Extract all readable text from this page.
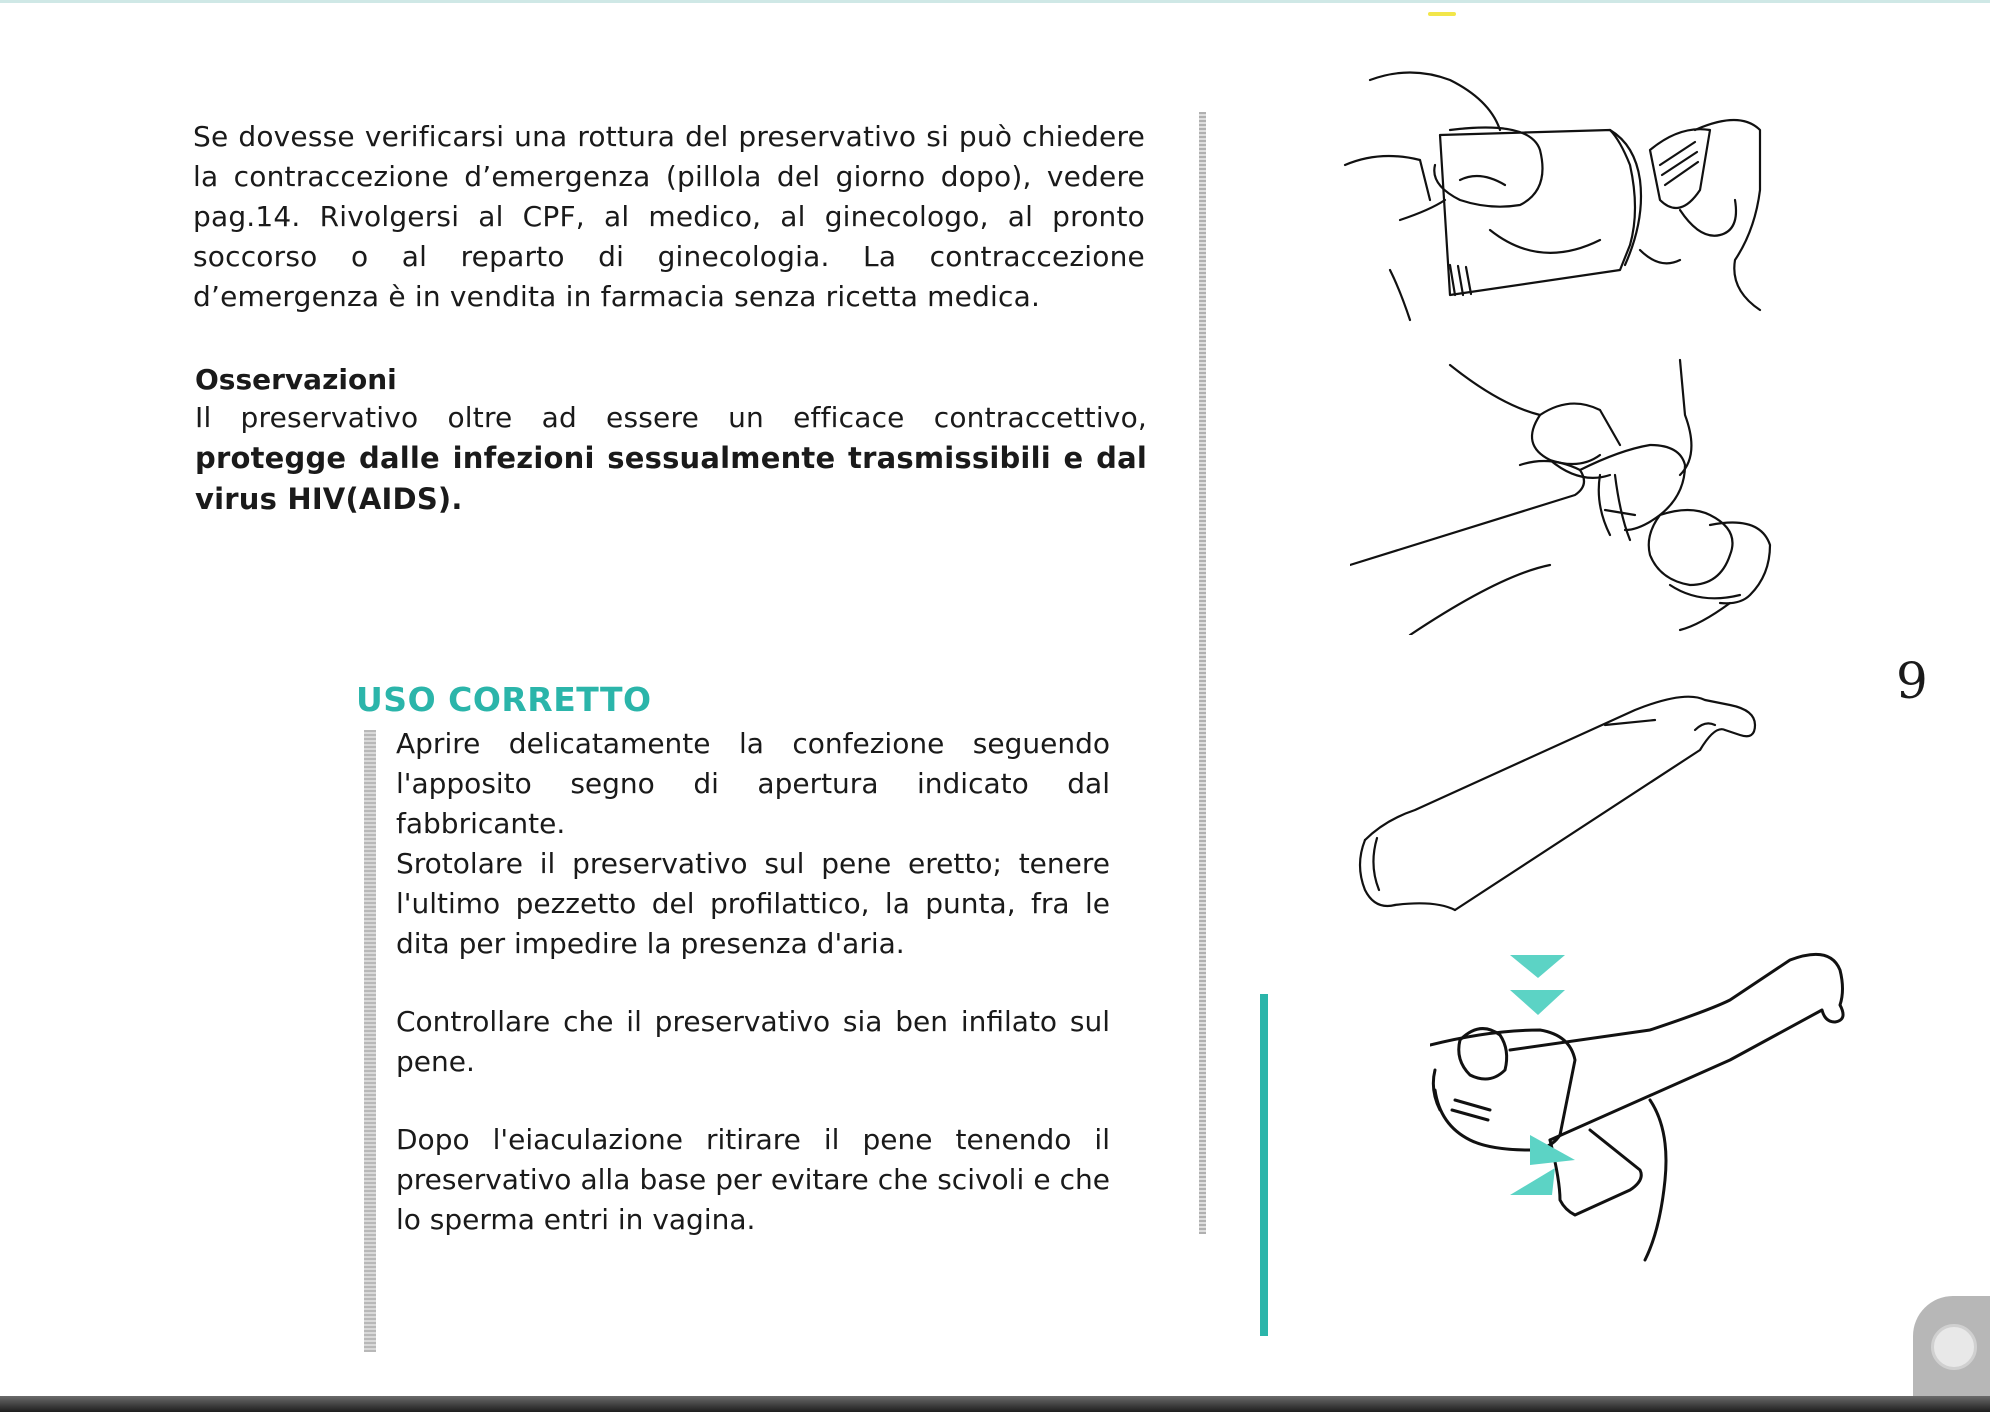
Se dovesse verificarsi una rottura del preservativo si può chiedere la contraccezione d’emergenza (pillola del giorno dopo), vedere pag.14. Rivolgersi al CPF, al medico, al ginecologo, al pronto soccorso o al reparto di ginecologia. La contraccezione d’emergenza è in vendita in farmacia senza ricetta medica.

Osservazioni

Il preservativo oltre ad essere un efficace contraccettivo, protegge dalle infezioni sessualmente trasmissibili e dal virus HIV(AIDS).

USO CORRETTO

Aprire delicatamente la confezione seguendo l'apposito segno di apertura indicato dal fabbricante.

Srotolare il preservativo sul pene eretto; tenere l'ultimo pezzetto del profilattico, la punta, fra le dita per impedire la presenza d'aria.

Controllare che il preservativo sia ben infilato sul pene.

Dopo l'eiaculazione ritirare il pene tenendo il preservativo alla base per evitare che scivoli e che lo sperma entri in vagina.

9
